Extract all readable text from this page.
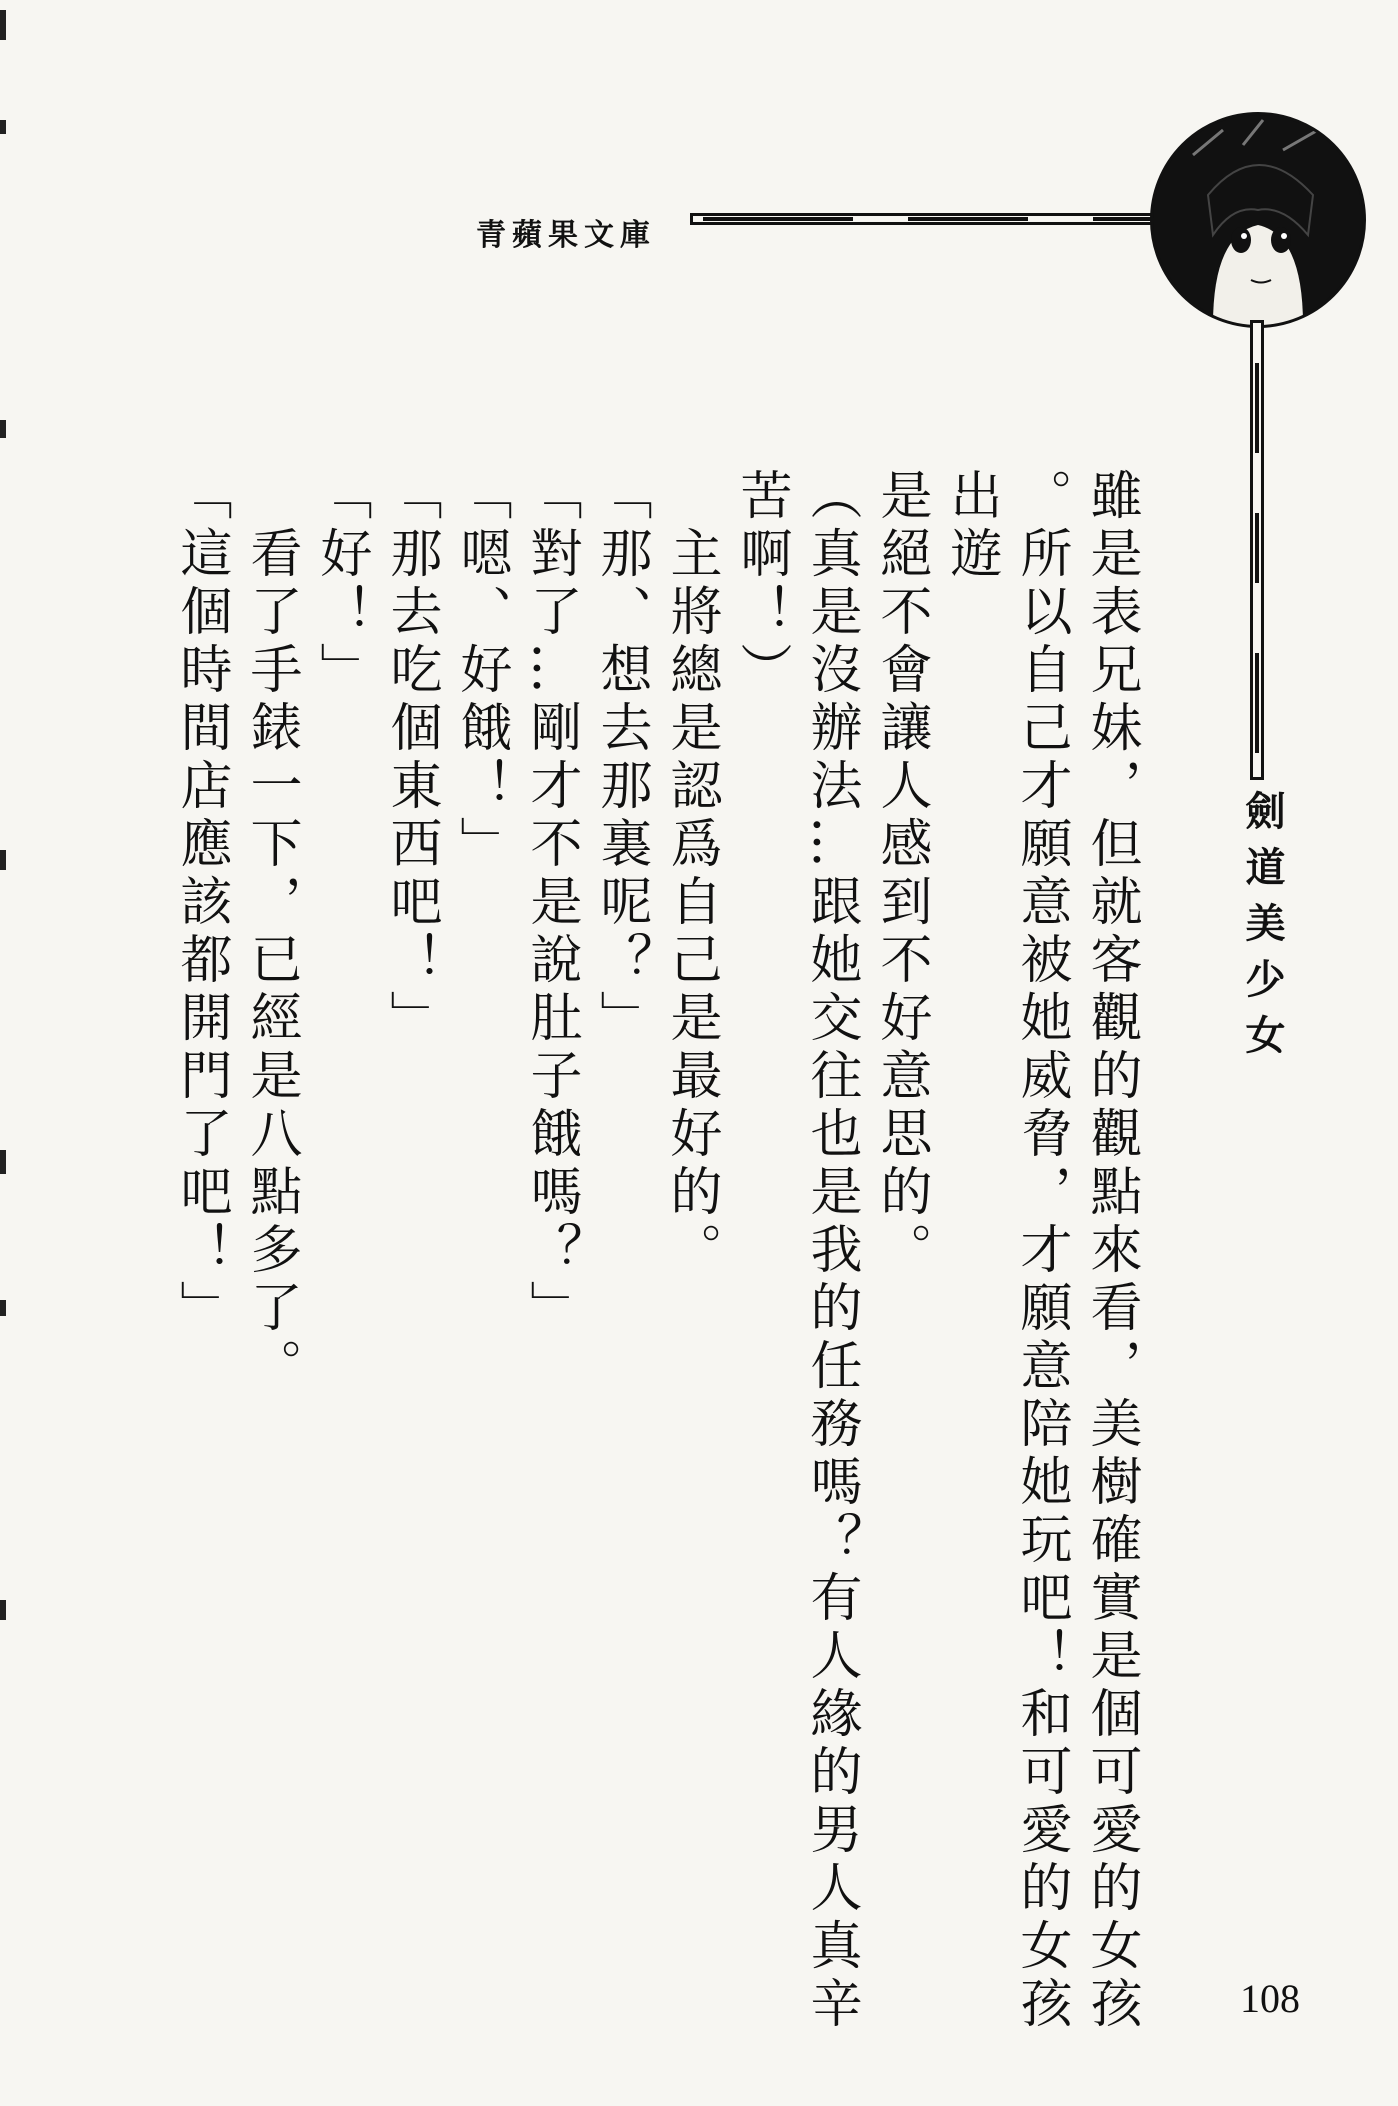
青蘋果文庫
劍道美少女

雖是表兄妹，但就客觀的觀點來看，美樹確實是個可愛的女孩

。所以自己才願意被她威脅，才願意陪她玩吧！和可愛的女孩出遊

是絕不會讓人感到不好意思的。

（真是沒辦法…跟她交往也是我的任務嗎？有人緣的男人真辛

苦啊！）

　主將總是認爲自己是最好的。

「那、想去那裏呢？」

「對了…剛才不是說肚子餓嗎？」

「嗯、好餓！」

「那去吃個東西吧！」

「好！」

　看了手錶一下，已經是八點多了。

「這個時間店應該都開門了吧！」

108
